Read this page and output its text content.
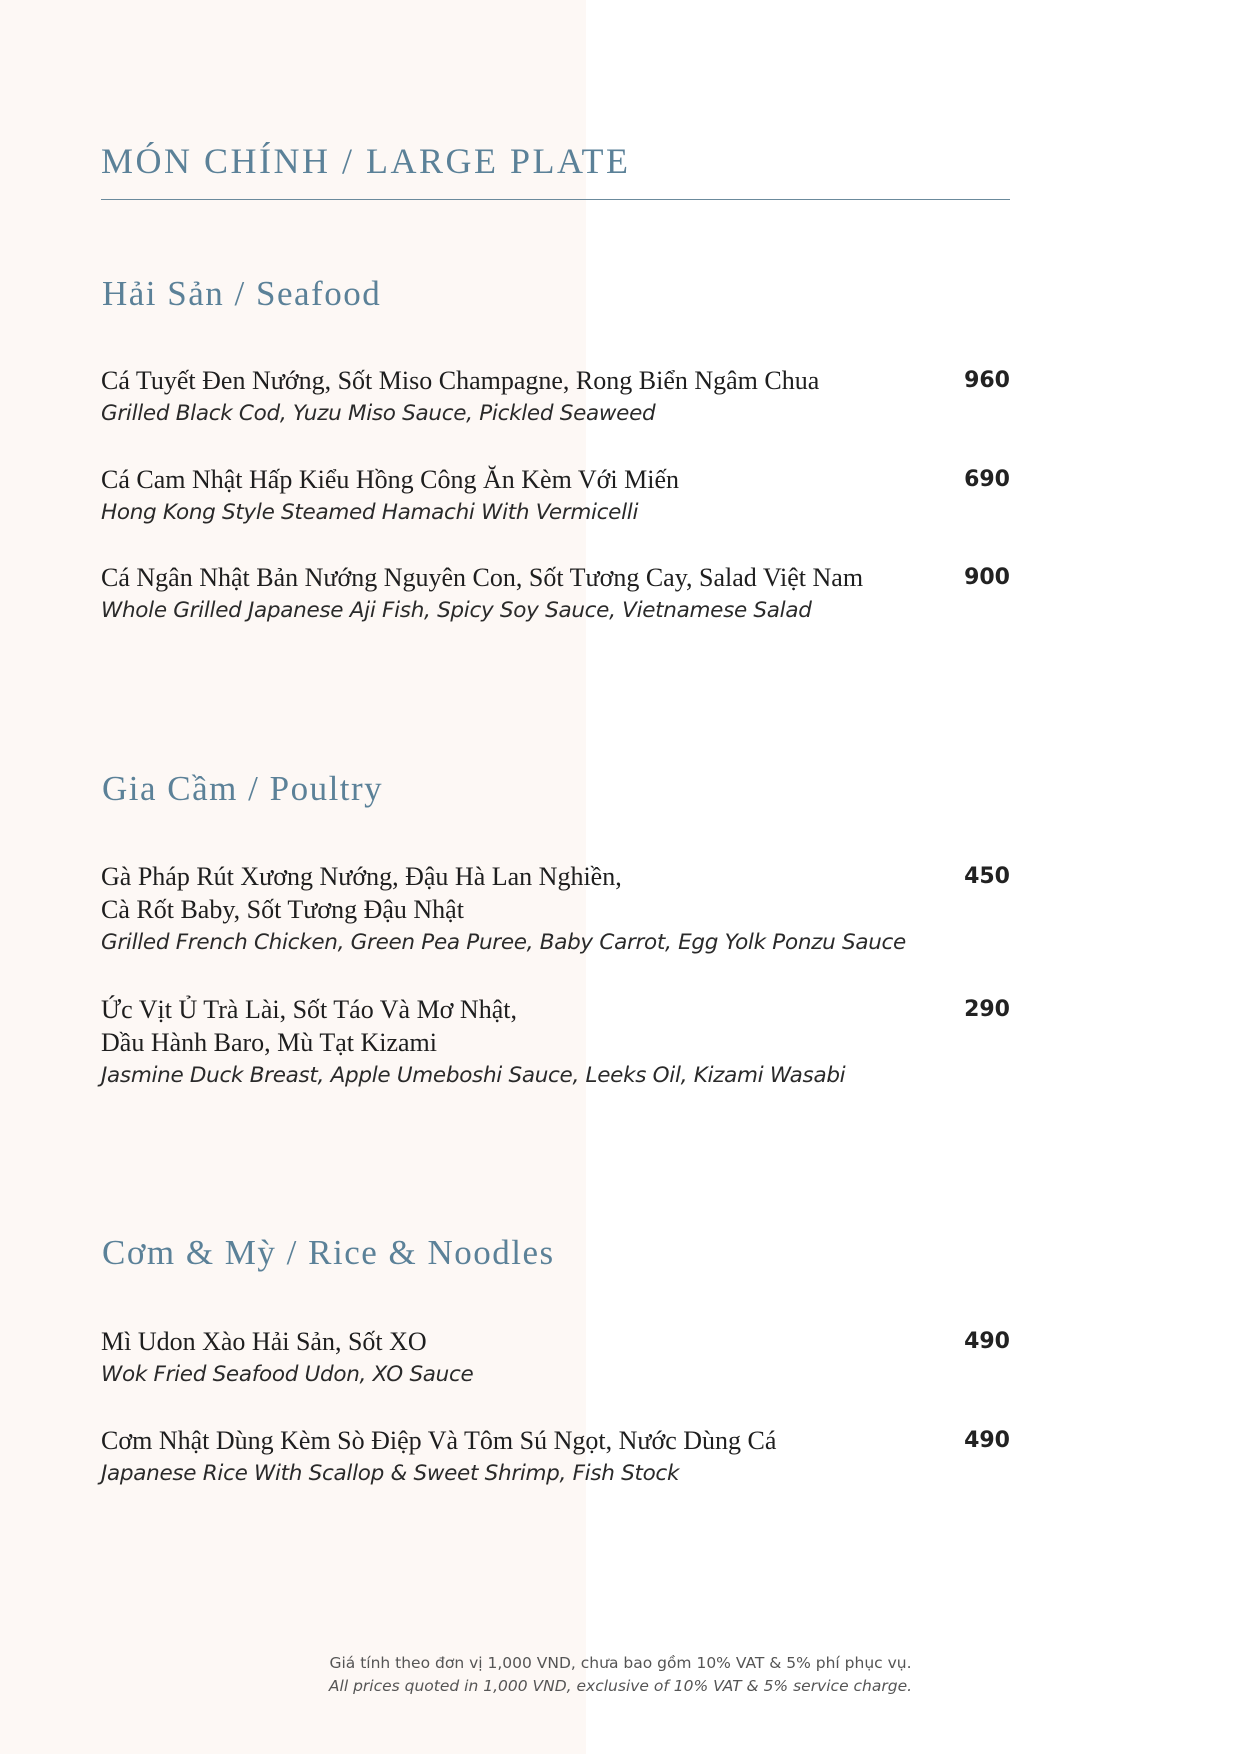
MÓN CHÍNH / LARGE PLATE
Hải Sản / Seafood
Cá Tuyết Đen Nướng, Sốt Miso Champagne, Rong Biển Ngâm Chua
Grilled Black Cod, Yuzu Miso Sauce, Pickled Seaweed
960
Cá Cam Nhật Hấp Kiểu Hồng Công Ăn Kèm Với Miến
Hong Kong Style Steamed Hamachi With Vermicelli
690
Cá Ngân Nhật Bản Nướng Nguyên Con, Sốt Tương Cay, Salad Việt Nam
Whole Grilled Japanese Aji Fish, Spicy Soy Sauce, Vietnamese Salad
900
Gia Cầm / Poultry
Gà Pháp Rút Xương Nướng, Đậu Hà Lan Nghiền,
Cà Rốt Baby, Sốt Tương Đậu Nhật
Grilled French Chicken, Green Pea Puree, Baby Carrot, Egg Yolk Ponzu Sauce
450
Ức Vịt Ủ Trà Lài, Sốt Táo Và Mơ Nhật,
Dầu Hành Baro, Mù Tạt Kizami
Jasmine Duck Breast, Apple Umeboshi Sauce, Leeks Oil, Kizami Wasabi
290
Cơm & Mỳ / Rice & Noodles
Mì Udon Xào Hải Sản, Sốt XO
Wok Fried Seafood Udon, XO Sauce
490
Cơm Nhật Dùng Kèm Sò Điệp Và Tôm Sú Ngọt, Nước Dùng Cá
Japanese Rice With Scallop & Sweet Shrimp, Fish Stock
490
Giá tính theo đơn vị 1,000 VND, chưa bao gồm 10% VAT & 5% phí phục vụ.
All prices quoted in 1,000 VND, exclusive of 10% VAT & 5% service charge.
